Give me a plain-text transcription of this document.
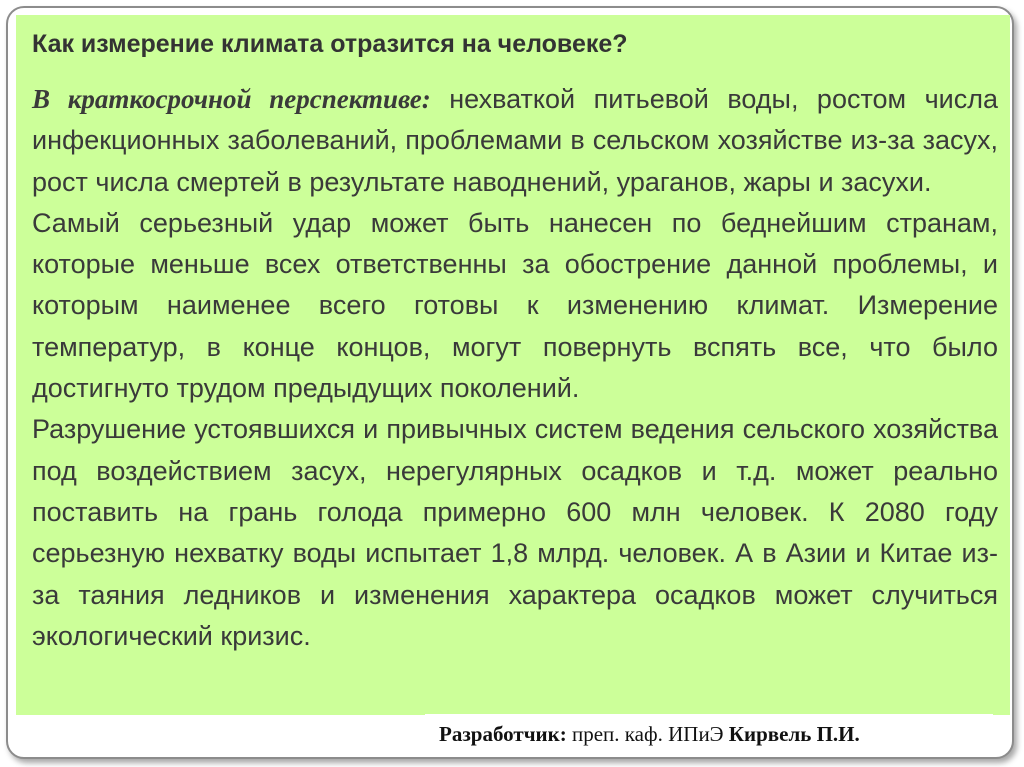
Как измерение климата отразится на человеке?

В краткосрочной перспективе: нехваткой питьевой воды, ростом числа инфекционных заболеваний, проблемами в сельском хозяйстве из-за засух, рост числа смертей в результате наводнений, ураганов, жары и засухи.

Самый серьезный удар может быть нанесен по беднейшим странам, которые меньше всех ответственны за обострение данной проблемы, и которым наименее всего готовы к изменению климат. Измерение температур, в конце концов, могут повернуть вспять все, что было достигнуто трудом предыдущих поколений.

Разрушение устоявшихся и привычных систем ведения сельского хозяйства под воздействием засух, нерегулярных осадков и т.д. может реально поставить на грань голода примерно 600 млн человек. К 2080 году серьезную нехватку воды испытает 1,8 млрд. человек. А в Азии и Китае из-за таяния ледников и изменения характера осадков может случиться экологический кризис.

Разработчик: преп. каф. ИПиЭ Кирвель П.И.
